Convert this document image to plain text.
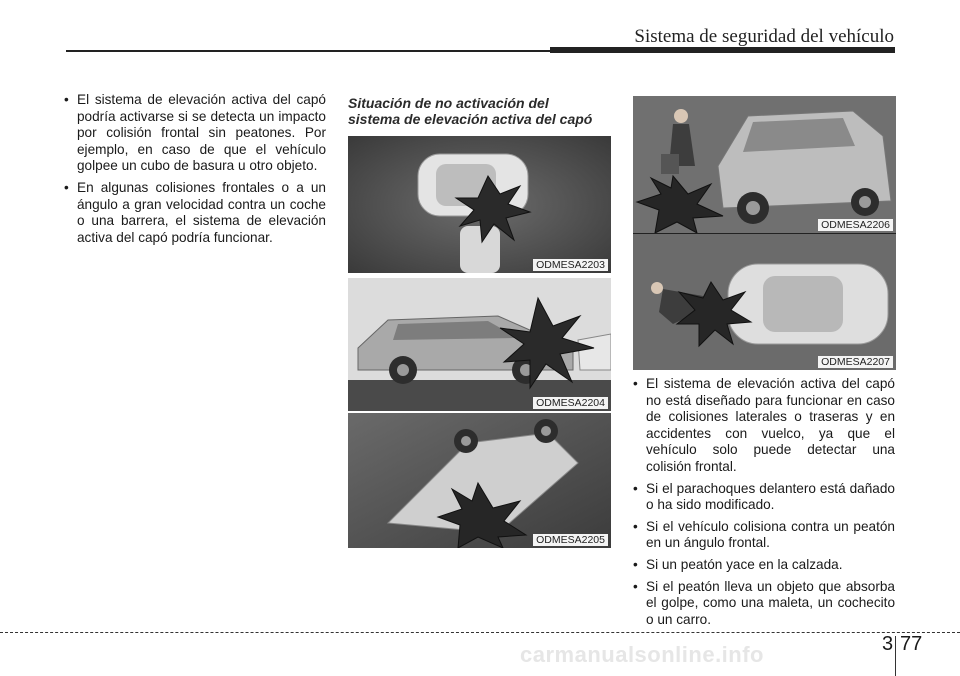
Sistema de seguridad del vehículo
• El sistema de elevación activa del capó podría activarse si se detecta un impacto por colisión frontal sin peatones. Por ejemplo, en caso de que el vehículo golpee un cubo de basura u otro objeto.
• En algunas colisiones frontales o a un ángulo a gran velocidad contra un coche o una barrera, el sistema de elevación activa del capó podría funcionar.
Situación de no activación del
sistema de elevación activa del capó
ODMESA2203
ODMESA2204
ODMESA2205
ODMESA2206
ODMESA2207
• El sistema de elevación activa del capó no está diseñado para funcionar en caso de colisiones laterales o traseras y en accidentes con vuelco, ya que el vehículo solo puede detectar una colisión frontal.
• Si el parachoques delantero está dañado o ha sido modificado.
• Si el vehículo colisiona contra un peatón en un ángulo frontal.
• Si un peatón yace en la calzada.
• Si el peatón lleva un objeto que absorba el golpe, como una maleta, un cochecito o un carro.
carmanualsonline.info	3 77
